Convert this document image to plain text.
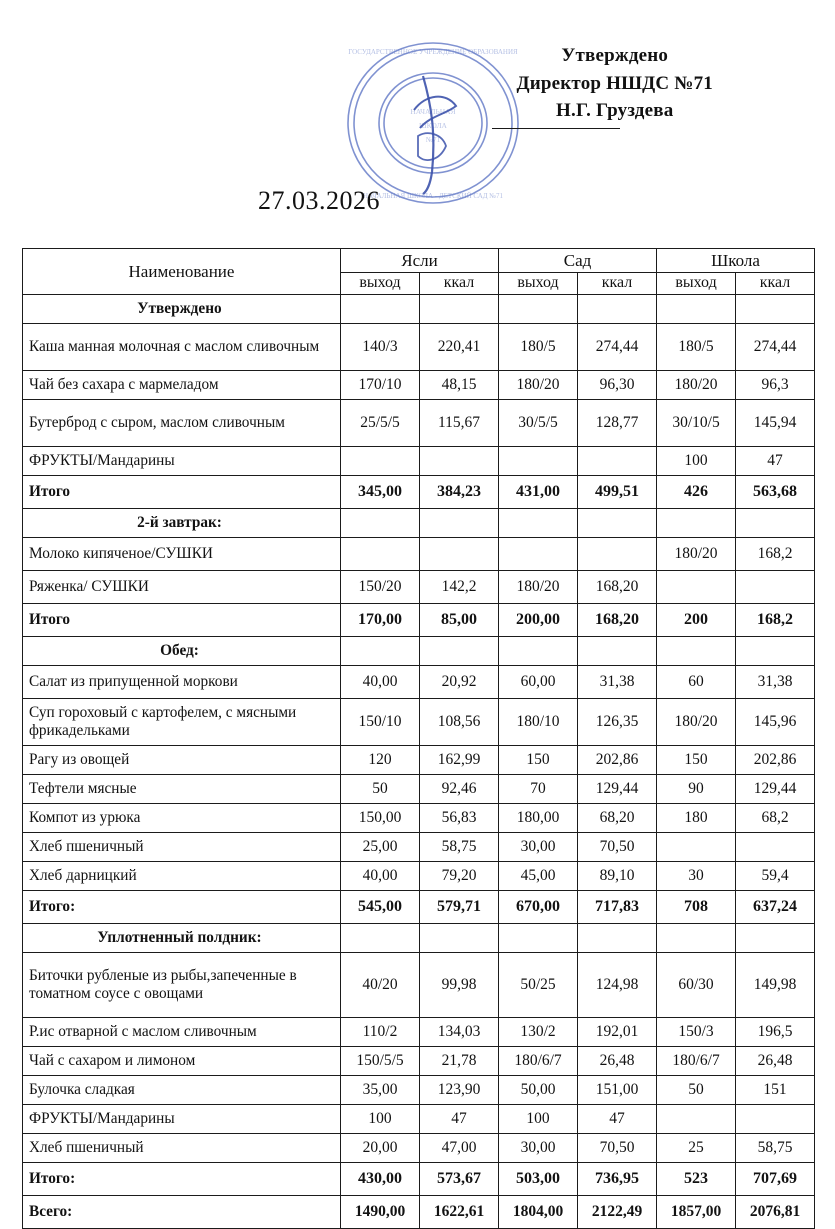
ГОСУДАРСТВЕННОЕ УЧРЕЖДЕНИЕ ОБРАЗОВАНИЯ
НАЧАЛЬНАЯ ШКОЛА - ДЕТСКИЙ САД №71
НАЧАЛЬНАЯ
ШКОЛА
№71
Утверждено
Директор НШДС №71
Н.Г. Груздева
27.03.2026
Наименование	Ясли		Сад		Школа	
	выход	ккал	выход	ккал	выход	ккал
Утверждено						
Каша манная молочная с маслом сливочным	140/3	220,41	180/5	274,44	180/5	274,44
Чай без сахара с мармеладом	170/10	48,15	180/20	96,30	180/20	96,3
Бутерброд с сыром, маслом сливочным	25/5/5	115,67	30/5/5	128,77	30/10/5	145,94
ФРУКТЫ/Мандарины					100	47
Итого	345,00	384,23	431,00	499,51	426	563,68
2-й завтрак:						
Молоко кипяченое/СУШКИ					180/20	168,2
Ряженка/ СУШКИ	150/20	142,2	180/20	168,20		
Итого	170,00	85,00	200,00	168,20	200	168,2
Обед:						
Салат из припущенной моркови	40,00	20,92	60,00	31,38	60	31,38
Суп гороховый с картофелем, с мясными фрикадельками	150/10	108,56	180/10	126,35	180/20	145,96
Рагу из овощей	120	162,99	150	202,86	150	202,86
Тефтели мясные	50	92,46	70	129,44	90	129,44
Компот из урюка	150,00	56,83	180,00	68,20	180	68,2
Хлеб пшеничный	25,00	58,75	30,00	70,50		
Хлеб дарницкий	40,00	79,20	45,00	89,10	30	59,4
Итого:	545,00	579,71	670,00	717,83	708	637,24
Уплотненный полдник:						
Биточки рубленые из рыбы,запеченные в томатном соусе с овощами	40/20	99,98	50/25	124,98	60/30	149,98
Р.ис отварной с маслом сливочным	110/2	134,03	130/2	192,01	150/3	196,5
Чай с сахаром и лимоном	150/5/5	21,78	180/6/7	26,48	180/6/7	26,48
Булочка сладкая	35,00	123,90	50,00	151,00	50	151
ФРУКТЫ/Мандарины	100	47	100	47		
Хлеб пшеничный	20,00	47,00	30,00	70,50	25	58,75
Итого:	430,00	573,67	503,00	736,95	523	707,69
Всего:	1490,00	1622,61	1804,00	2122,49	1857,00	2076,81
